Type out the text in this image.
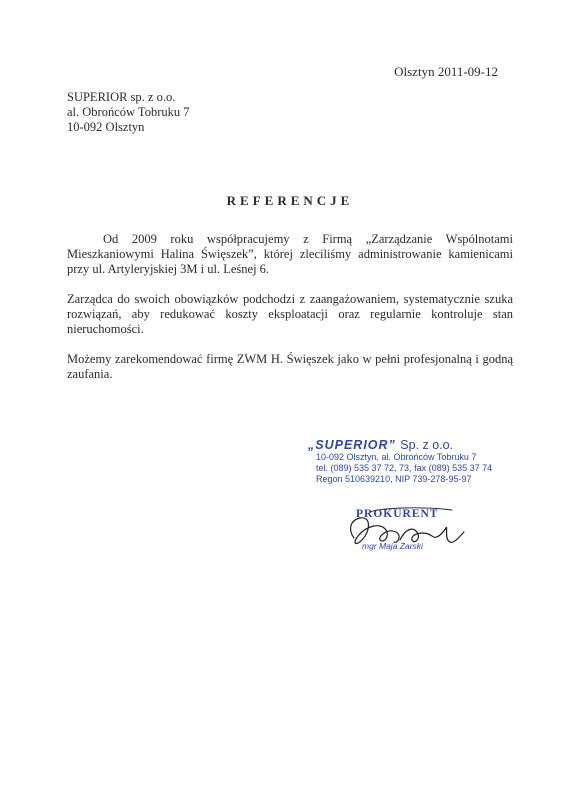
Olsztyn 2011-09-12
SUPERIOR sp. z o.o.
al. Obrońców Tobruku 7
10-092 Olsztyn
REFERENCJE

Od 2009 roku współpracujemy z Firmą „Zarządzanie Wspólnotami Mieszkaniowymi Halina Święszek”, której zleciliśmy administrowanie kamienicami przy ul. Artyleryjskiej 3M i ul. Leśnej 6.

Zarządca do swoich obowiązków podchodzi z zaangażowaniem, systematycznie szuka rozwiązań, aby redukować koszty eksploatacji oraz regularnie kontroluje stan nieruchomości.

Możemy zarekomendować firmę ZWM H. Święszek jako w pełni profesjonalną i godną zaufania.

„SUPERIOR” Sp. z o.o.
10-092 Olsztyn, al. Obrońców Tobruku 7
tel. (089) 535 37 72, 73, fax (089) 535 37 74
Regon 510639210, NIP 739-278-95-97
PROKURENT
mgr Maja Żarski
